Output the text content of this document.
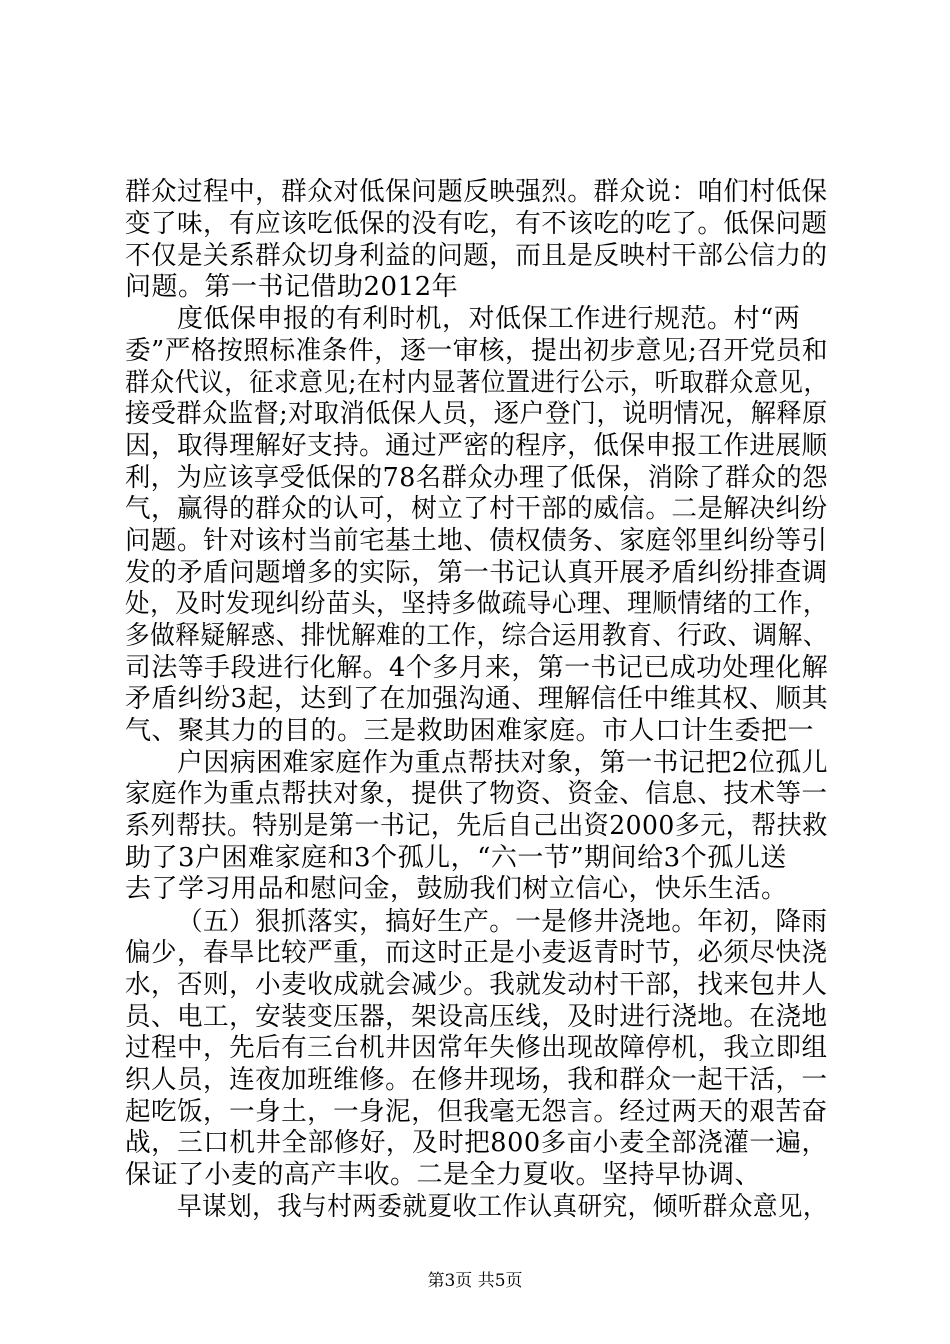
群众过程中，群众对低保问题反映强烈。群众说：咱们村低保
变了味，有应该吃低保的没有吃，有不该吃的吃了。低保问题
不仅是关系群众切身利益的问题，而且是反映村干部公信力的
问题。第一书记借助2012年
度低保申报的有利时机，对低保工作进行规范。村“两
委”严格按照标准条件，逐一审核，提出初步意见;召开党员和
群众代议，征求意见;在村内显著位置进行公示，听取群众意见，
接受群众监督;对取消低保人员，逐户登门，说明情况，解释原
因，取得理解好支持。通过严密的程序，低保申报工作进展顺
利，为应该享受低保的78名群众办理了低保，消除了群众的怨
气，赢得的群众的认可，树立了村干部的威信。二是解决纠纷
问题。针对该村当前宅基土地、债权债务、家庭邻里纠纷等引
发的矛盾问题增多的实际，第一书记认真开展矛盾纠纷排查调
处，及时发现纠纷苗头，坚持多做疏导心理、理顺情绪的工作，
多做释疑解惑、排忧解难的工作，综合运用教育、行政、调解、
司法等手段进行化解。4个多月来，第一书记已成功处理化解
矛盾纠纷3起，达到了在加强沟通、理解信任中维其权、顺其
气、聚其力的目的。三是救助困难家庭。市人口计生委把一
户因病困难家庭作为重点帮扶对象，第一书记把2位孤儿
家庭作为重点帮扶对象，提供了物资、资金、信息、技术等一
系列帮扶。特别是第一书记，先后自己出资2000多元，帮扶救
助了3户困难家庭和3个孤儿，“六一节”期间给3个孤儿送
去了学习用品和慰问金，鼓励我们树立信心，快乐生活。
（五）狠抓落实，搞好生产。一是修井浇地。年初，降雨
偏少，春旱比较严重，而这时正是小麦返青时节，必须尽快浇
水，否则，小麦收成就会减少。我就发动村干部，找来包井人
员、电工，安装变压器，架设高压线，及时进行浇地。在浇地
过程中，先后有三台机井因常年失修出现故障停机，我立即组
织人员，连夜加班维修。在修井现场，我和群众一起干活，一
起吃饭，一身土，一身泥，但我毫无怨言。经过两天的艰苦奋
战，三口机井全部修好，及时把800多亩小麦全部浇灌一遍，
保证了小麦的高产丰收。二是全力夏收。坚持早协调、
早谋划，我与村两委就夏收工作认真研究，倾听群众意见，
第3页 共5页
